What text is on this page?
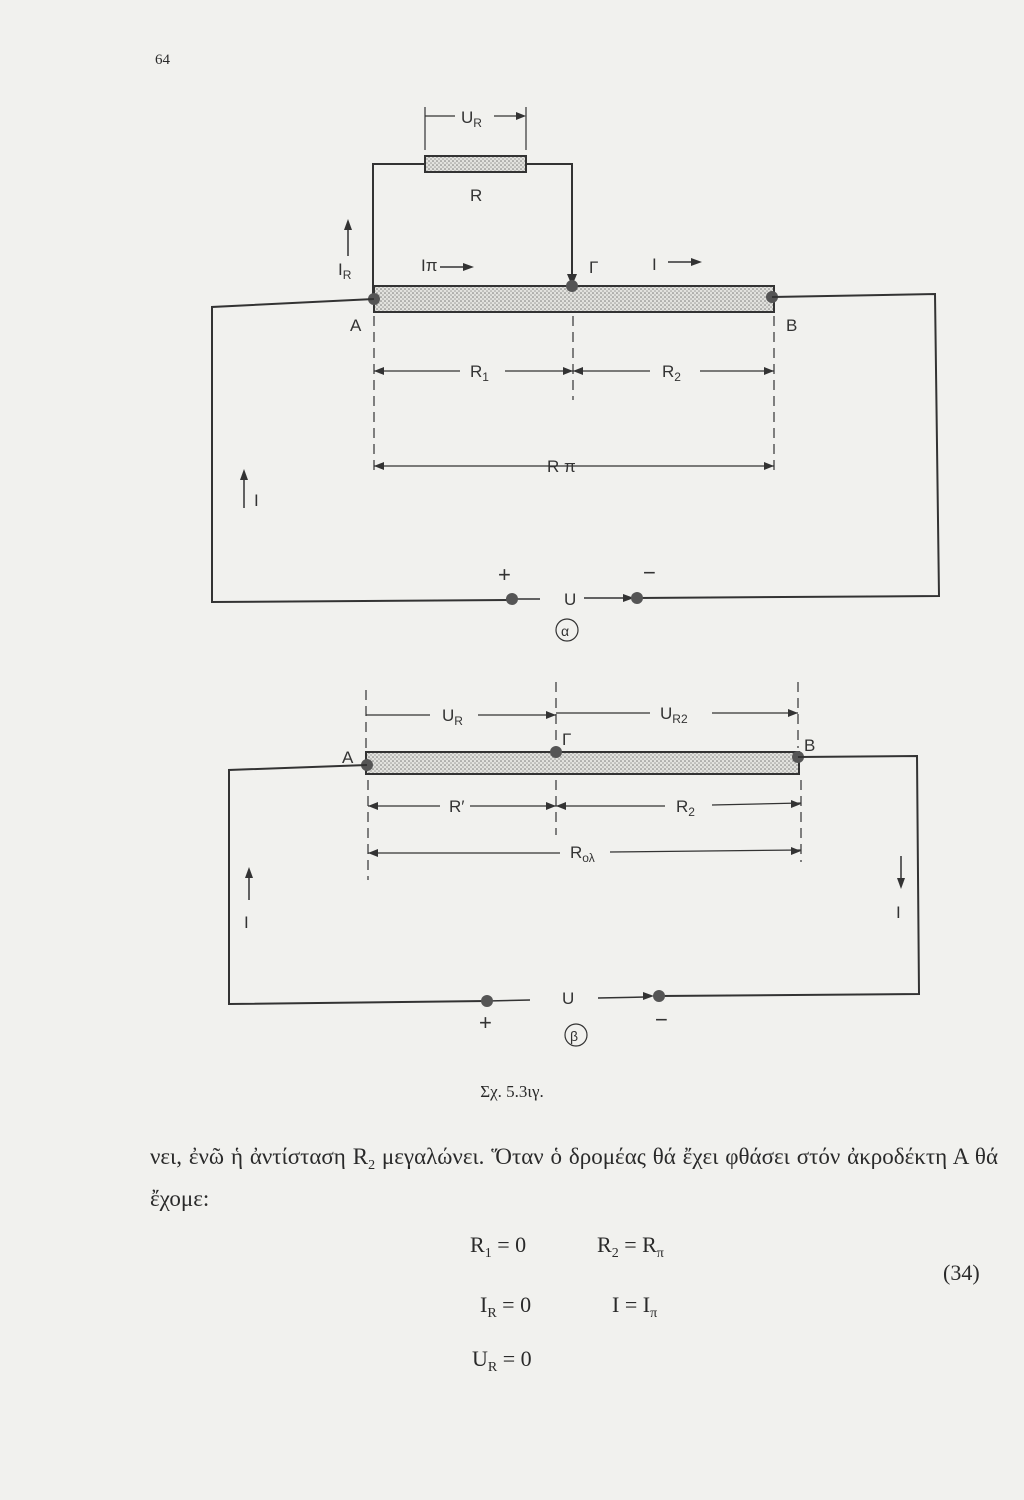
64
$U_R$
R
$I_R$	Iπ	Γ	I
A	B
$R_1$	$R_2$
R π
I
+	−
U
α
$U_R$	$U_{R2}$
A
Γ	B
R′	$R_2$
$R_{o\lambda}$
I
I
+	−
U
β
Σχ. 5.3ιγ.

νει, ἐνῶ ἡ ἀντίσταση $R_2$ μεγαλώνει. Ὅταν ὁ δρομέας θά ἔχει φθάσει στόν ἀκροδέκτη Α θά ἔχομε:

$R_1 = 0$	$R_2 = R_\pi$
(34)
$I_R = 0$	$I = I_\pi$
$U_R = 0$
